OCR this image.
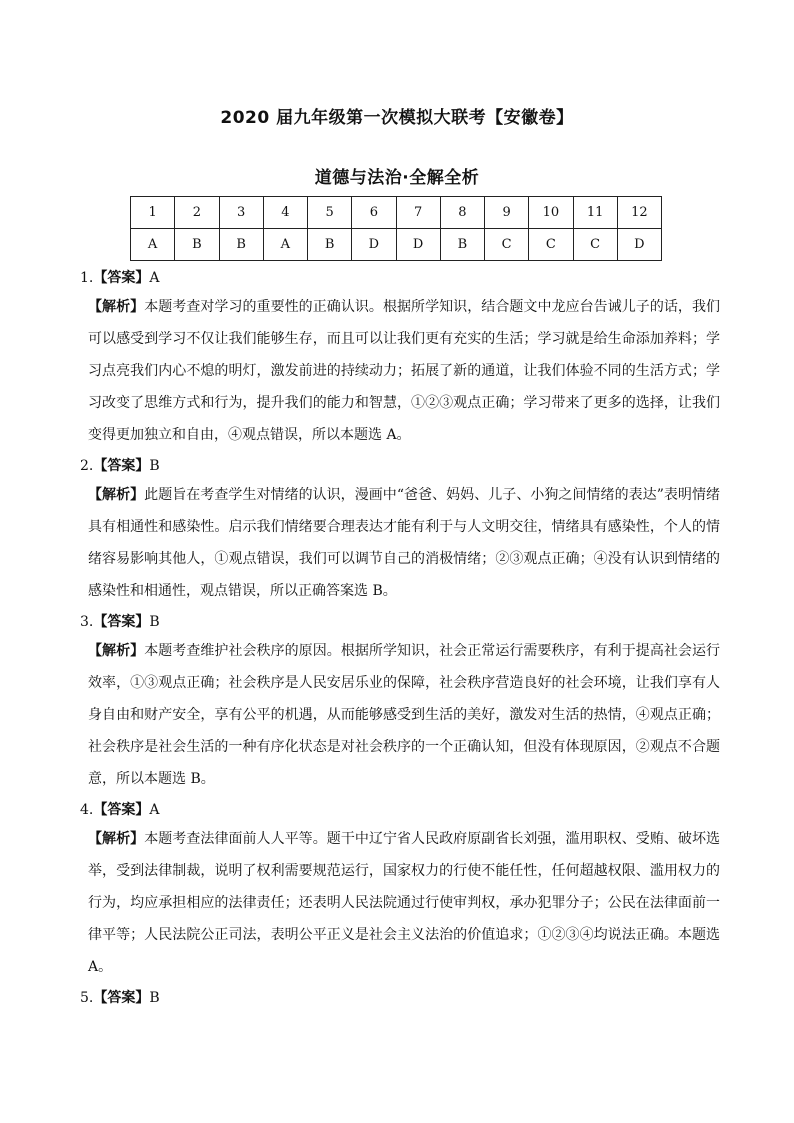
2020 届九年级第一次模拟大联考【安徽卷】
道德与法治·全解全析
1	2	3	4	5	6	7	8	9	10	11	12
A	B	B	A	B	D	D	B	C	C	C	D
1.【答案】A
【解析】本题考查对学习的重要性的正确认识。根据所学知识，结合题文中龙应台告诫儿子的话，我们可以感受到学习不仅让我们能够生存，而且可以让我们更有充实的生活；学习就是给生命添加养料；学习点亮我们内心不熄的明灯，激发前进的持续动力；拓展了新的通道，让我们体验不同的生活方式；学习改变了思维方式和行为，提升我们的能力和智慧，①②③观点正确；学习带来了更多的选择，让我们变得更加独立和自由，④观点错误，所以本题选 A。
2.【答案】B
【解析】此题旨在考查学生对情绪的认识，漫画中“爸爸、妈妈、儿子、小狗之间情绪的表达”表明情绪具有相通性和感染性。启示我们情绪要合理表达才能有利于与人文明交往，情绪具有感染性，个人的情绪容易影响其他人，①观点错误，我们可以调节自己的消极情绪；②③观点正确；④没有认识到情绪的感染性和相通性，观点错误，所以正确答案选 B。
3.【答案】B
【解析】本题考查维护社会秩序的原因。根据所学知识，社会正常运行需要秩序，有利于提高社会运行效率，①③观点正确；社会秩序是人民安居乐业的保障，社会秩序营造良好的社会环境，让我们享有人身自由和财产安全，享有公平的机遇，从而能够感受到生活的美好，激发对生活的热情，④观点正确；社会秩序是社会生活的一种有序化状态是对社会秩序的一个正确认知，但没有体现原因，②观点不合题意，所以本题选 B。
4.【答案】A
【解析】本题考查法律面前人人平等。题干中辽宁省人民政府原副省长刘强，滥用职权、受贿、破坏选举，受到法律制裁，说明了权利需要规范运行，国家权力的行使不能任性，任何超越权限、滥用权力的行为，均应承担相应的法律责任；还表明人民法院通过行使审判权，承办犯罪分子；公民在法律面前一律平等；人民法院公正司法，表明公平正义是社会主义法治的价值追求；①②③④均说法正确。本题选 A。
5.【答案】B
